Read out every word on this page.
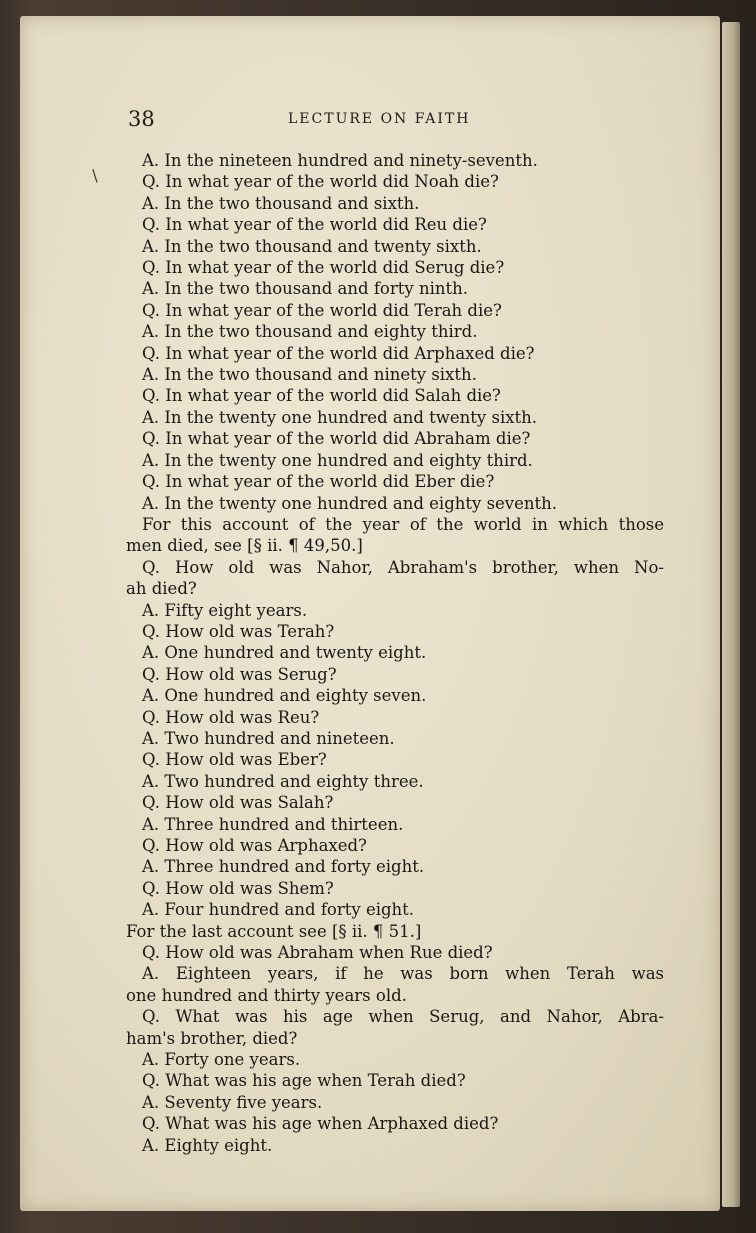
38	LECTURE ON FAITH
/
A. In the nineteen hundred and ninety-seventh.
Q. In what year of the world did Noah die?
A. In the two thousand and sixth.
Q. In what year of the world did Reu die?
A. In the two thousand and twenty sixth.
Q. In what year of the world did Serug die?
A. In the two thousand and forty ninth.
Q. In what year of the world did Terah die?
A. In the two thousand and eighty third.
Q. In what year of the world did Arphaxed die?
A. In the two thousand and ninety sixth.
Q. In what year of the world did Salah die?
A. In the twenty one hundred and twenty sixth.
Q. In what year of the world did Abraham die?
A. In the twenty one hundred and eighty third.
Q. In what year of the world did Eber die?
A. In the twenty one hundred and eighty seventh.
For this account of the year of the world in which those
men died, see [§ ii. ¶ 49,50.]
Q. How old was Nahor, Abraham's brother, when No-
ah died?
A. Fifty eight years.
Q. How old was Terah?
A. One hundred and twenty eight.
Q. How old was Serug?
A. One hundred and eighty seven.
Q. How old was Reu?
A. Two hundred and nineteen.
Q. How old was Eber?
A. Two hundred and eighty three.
Q. How old was Salah?
A. Three hundred and thirteen.
Q. How old was Arphaxed?
A. Three hundred and forty eight.
Q. How old was Shem?
A. Four hundred and forty eight.
For the last account see [§ ii. ¶ 51.]
Q. How old was Abraham when Rue died?
A. Eighteen years, if he was born when Terah was
one hundred and thirty years old.
Q. What was his age when Serug, and Nahor, Abra-
ham's brother, died?
A. Forty one years.
Q. What was his age when Terah died?
A. Seventy five years.
Q. What was his age when Arphaxed died?
A. Eighty eight.
